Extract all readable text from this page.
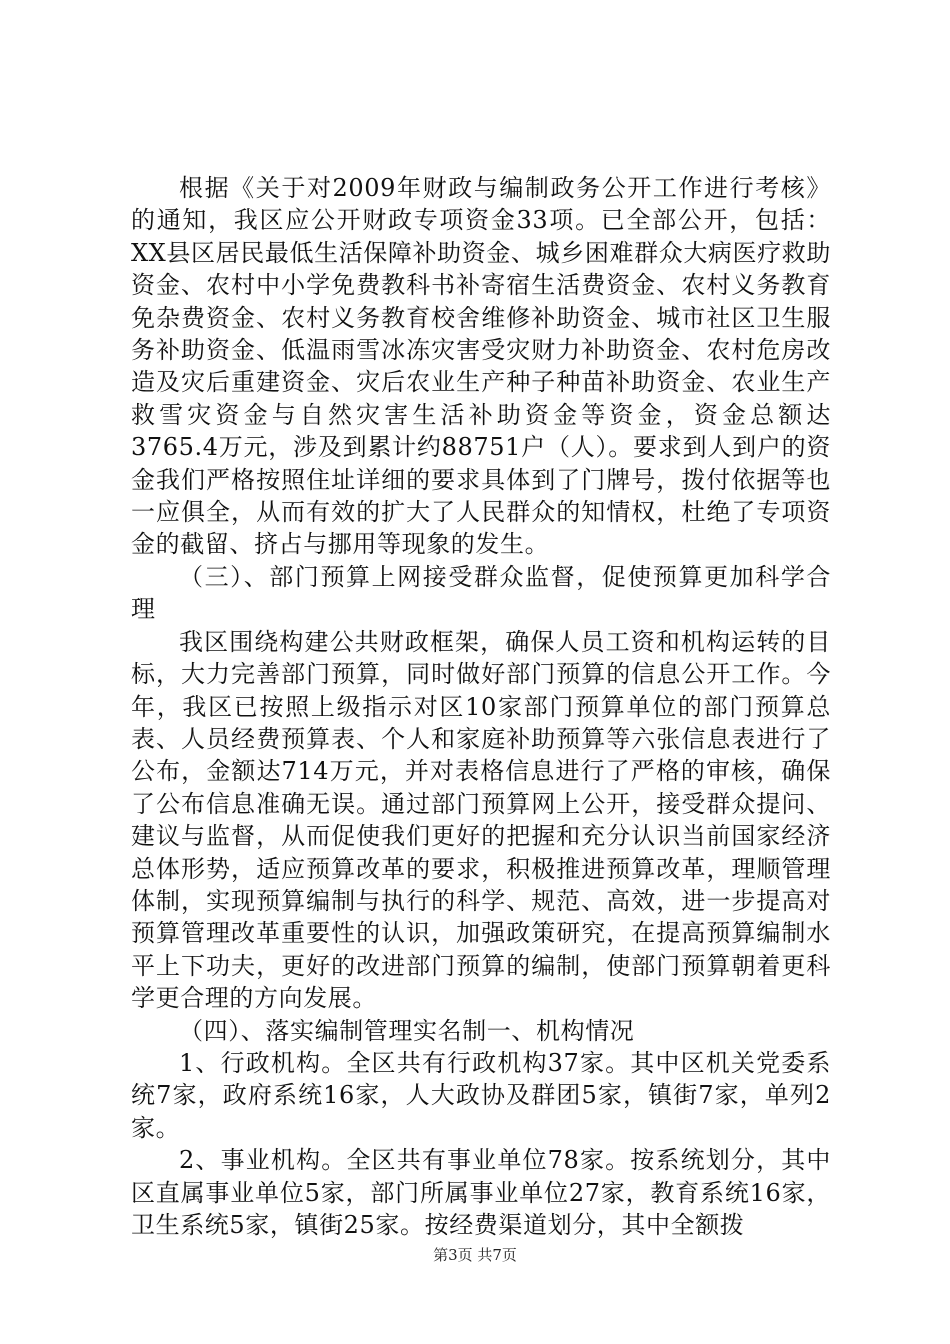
根据《关于对2009年财政与编制政务公开工作进行考核》的通知，我区应公开财政专项资金33项。已全部公开，包括：XX县区居民最低生活保障补助资金、城乡困难群众大病医疗救助资金、农村中小学免费教科书补寄宿生活费资金、农村义务教育免杂费资金、农村义务教育校舍维修补助资金、城市社区卫生服务补助资金、低温雨雪冰冻灾害受灾财力补助资金、农村危房改造及灾后重建资金、灾后农业生产种子种苗补助资金、农业生产救雪灾资金与自然灾害生活补助资金等资金，资金总额达3765.4万元，涉及到累计约88751户（人）。要求到人到户的资金我们严格按照住址详细的要求具体到了门牌号，拨付依据等也一应俱全，从而有效的扩大了人民群众的知情权，杜绝了专项资金的截留、挤占与挪用等现象的发生。

（三）、部门预算上网接受群众监督，促使预算更加科学合理

我区围绕构建公共财政框架，确保人员工资和机构运转的目标，大力完善部门预算，同时做好部门预算的信息公开工作。今年，我区已按照上级指示对区10家部门预算单位的部门预算总表、人员经费预算表、个人和家庭补助预算等六张信息表进行了公布，金额达714万元，并对表格信息进行了严格的审核，确保了公布信息准确无误。通过部门预算网上公开，接受群众提问、建议与监督，从而促使我们更好的把握和充分认识当前国家经济总体形势，适应预算改革的要求，积极推进预算改革，理顺管理体制，实现预算编制与执行的科学、规范、高效，进一步提高对预算管理改革重要性的认识，加强政策研究，在提高预算编制水平上下功夫，更好的改进部门预算的编制，使部门预算朝着更科学更合理的方向发展。

（四）、落实编制管理实名制一、机构情况

1、行政机构。全区共有行政机构37家。其中区机关党委系统7家，政府系统16家，人大政协及群团5家，镇街7家，单列2家。

2、事业机构。全区共有事业单位78家。按系统划分，其中区直属事业单位5家，部门所属事业单位27家，教育系统16家，卫生系统5家，镇街25家。按经费渠道划分，其中全额拨

第3页 共7页
